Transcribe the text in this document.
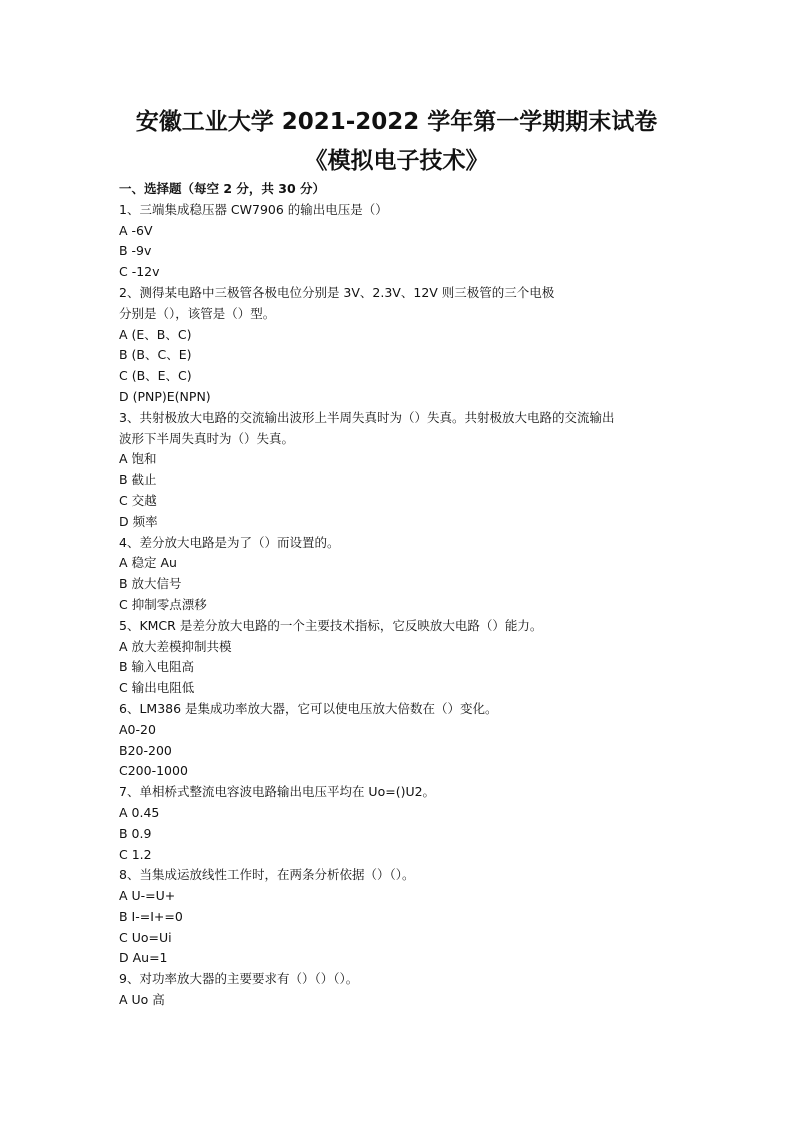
安徽工业大学 2021-2022 学年第一学期期末试卷
《模拟电子技术》
一、选择题（每空 2 分，共 30 分）
1、三端集成稳压器 CW7906 的输出电压是（）
A -6V
B -9v
C -12v
2、测得某电路中三极管各极电位分别是 3V、2.3V、12V 则三极管的三个电极
分别是（），该管是（）型。
A (E、B、C)
B (B、C、E)
C (B、E、C)
D (PNP)E(NPN)
3、共射极放大电路的交流输出波形上半周失真时为（）失真。共射极放大电路的交流输出
波形下半周失真时为（）失真。
A 饱和
B 截止
C 交越
D 频率
4、差分放大电路是为了（）而设置的。
A 稳定 Au
B 放大信号
C 抑制零点漂移
5、KMCR 是差分放大电路的一个主要技术指标，它反映放大电路（）能力。
A 放大差模抑制共模
B 输入电阻高
C 输出电阻低
6、LM386 是集成功率放大器，它可以使电压放大倍数在（）变化。
A0-20
B20-200
C200-1000
7、单相桥式整流电容波电路输出电压平均在 Uo=()U2。
A 0.45
B 0.9
C 1.2
8、当集成运放线性工作时，在两条分析依据（）（）。
A U-=U+
B I-=I+=0
C Uo=Ui
D Au=1
9、对功率放大器的主要要求有（）（）（）。
A Uo 高
